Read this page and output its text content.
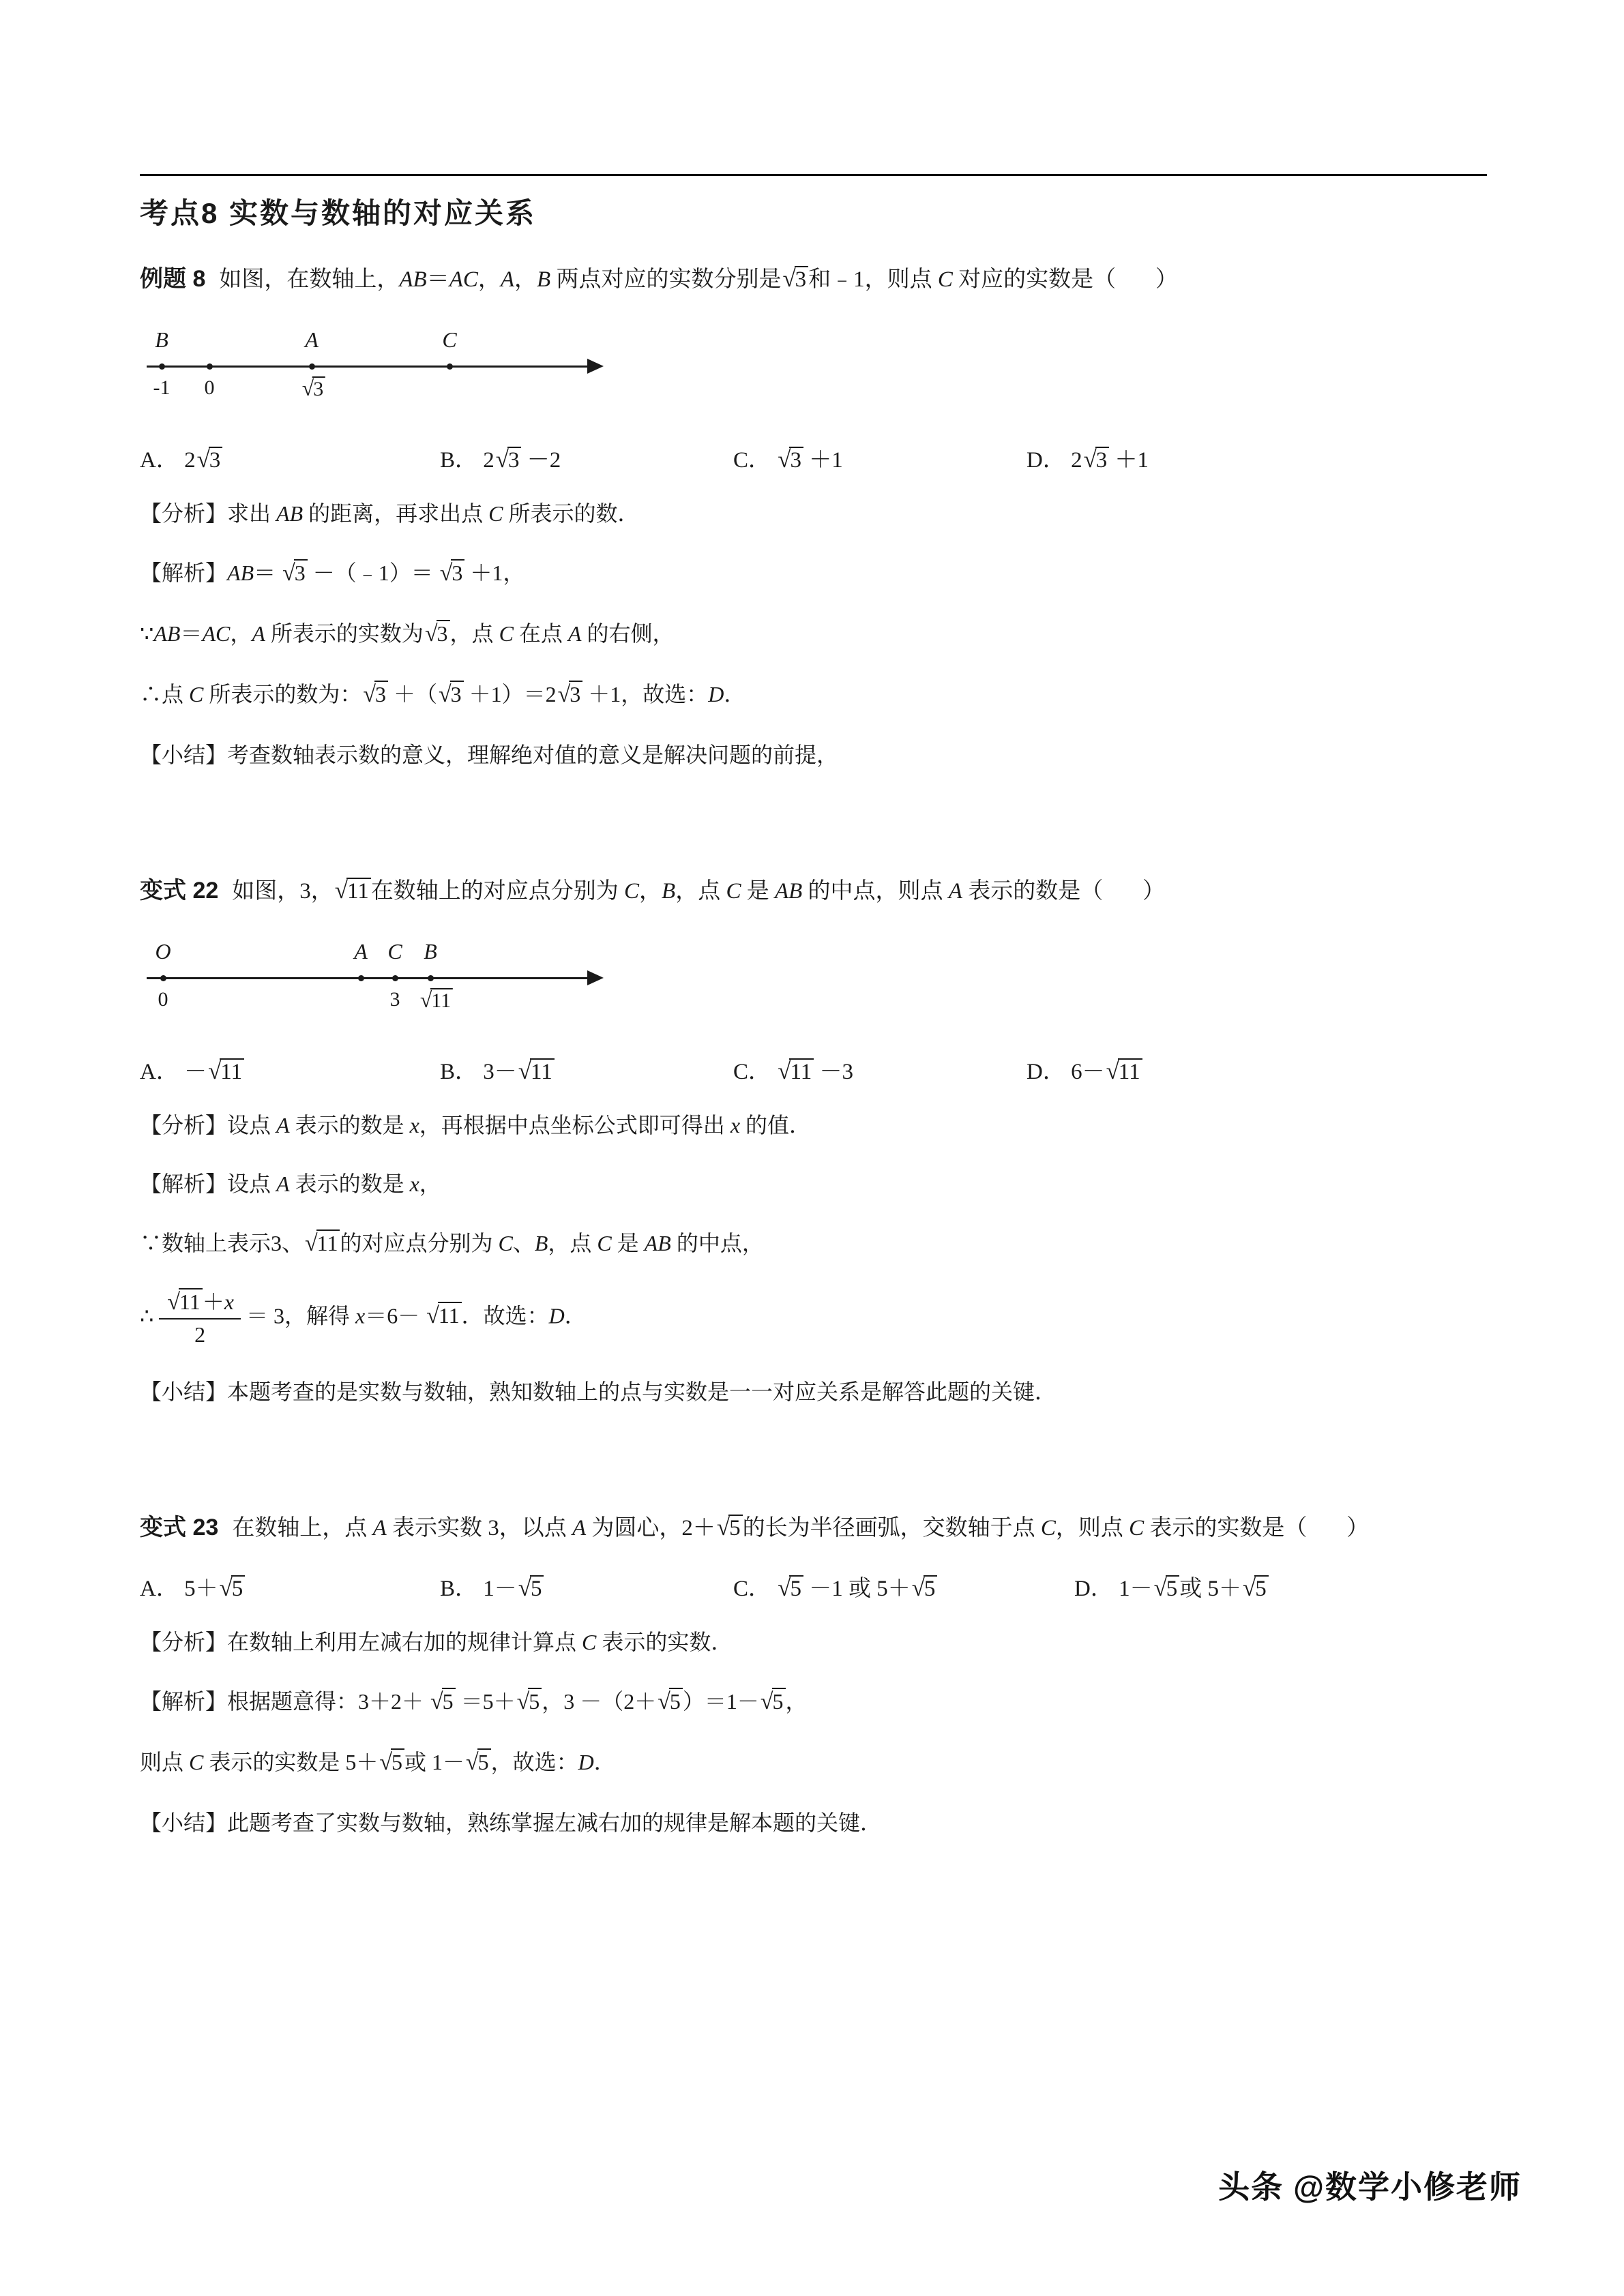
考点8 实数与数轴的对应关系
例题 8 如图，在数轴上，AB＝AC，A，B 两点对应的实数分别是√3和﹣1，则点 C 对应的实数是（       ）
B
-1 0
A
√3
C
A． 2√3	B． 2√3 －2	C． √3 ＋1	D． 2√3 ＋1
【分析】求出 AB 的距离，再求出点 C 所表示的数．
【解析】AB＝ √3 －（﹣1）＝ √3 ＋1，
∵AB＝AC，A 所表示的实数为√3，点 C 在点 A 的右侧，
∴点 C 所表示的数为：√3 ＋（√3 ＋1）＝2√3 ＋1，故选：D．
【小结】考查数轴表示数的意义，理解绝对值的意义是解决问题的前提，
变式 22 如图，3，√11在数轴上的对应点分别为 C，B，点 C 是 AB 的中点，则点 A 表示的数是（       ）
O
0
A C
3
B
√11
A． －√11	B． 3－√11	C． √11 －3	D． 6－√11
【分析】设点 A 表示的数是 x，再根据中点坐标公式即可得出 x 的值．
【解析】设点 A 表示的数是 x，
∵数轴上表示3、√11的对应点分别为 C、B，点 C 是 AB 的中点，
∴ $\frac{√11+x}{2} = 3$，解得 x＝6－ √11．故选：D．
【小结】本题考查的是实数与数轴，熟知数轴上的点与实数是一一对应关系是解答此题的关键．
变式 23 在数轴上，点 A 表示实数 3，以点 A 为圆心，2＋√5的长为半径画弧，交数轴于点 C，则点 C 表示的实数是（       ）
A． 5＋√5	B． 1－√5	C． √5 －1 或 5＋√5	D． 1－√5或 5＋√5
【分析】在数轴上利用左减右加的规律计算点 C 表示的实数．
【解析】根据题意得：3＋2＋ √5 ＝5＋√5，3 －（2＋√5）＝1－√5，
则点 C 表示的实数是 5＋√5或 1－√5，故选：D．
【小结】此题考查了实数与数轴，熟练掌握左减右加的规律是解本题的关键．
头条 @数学小修老师
